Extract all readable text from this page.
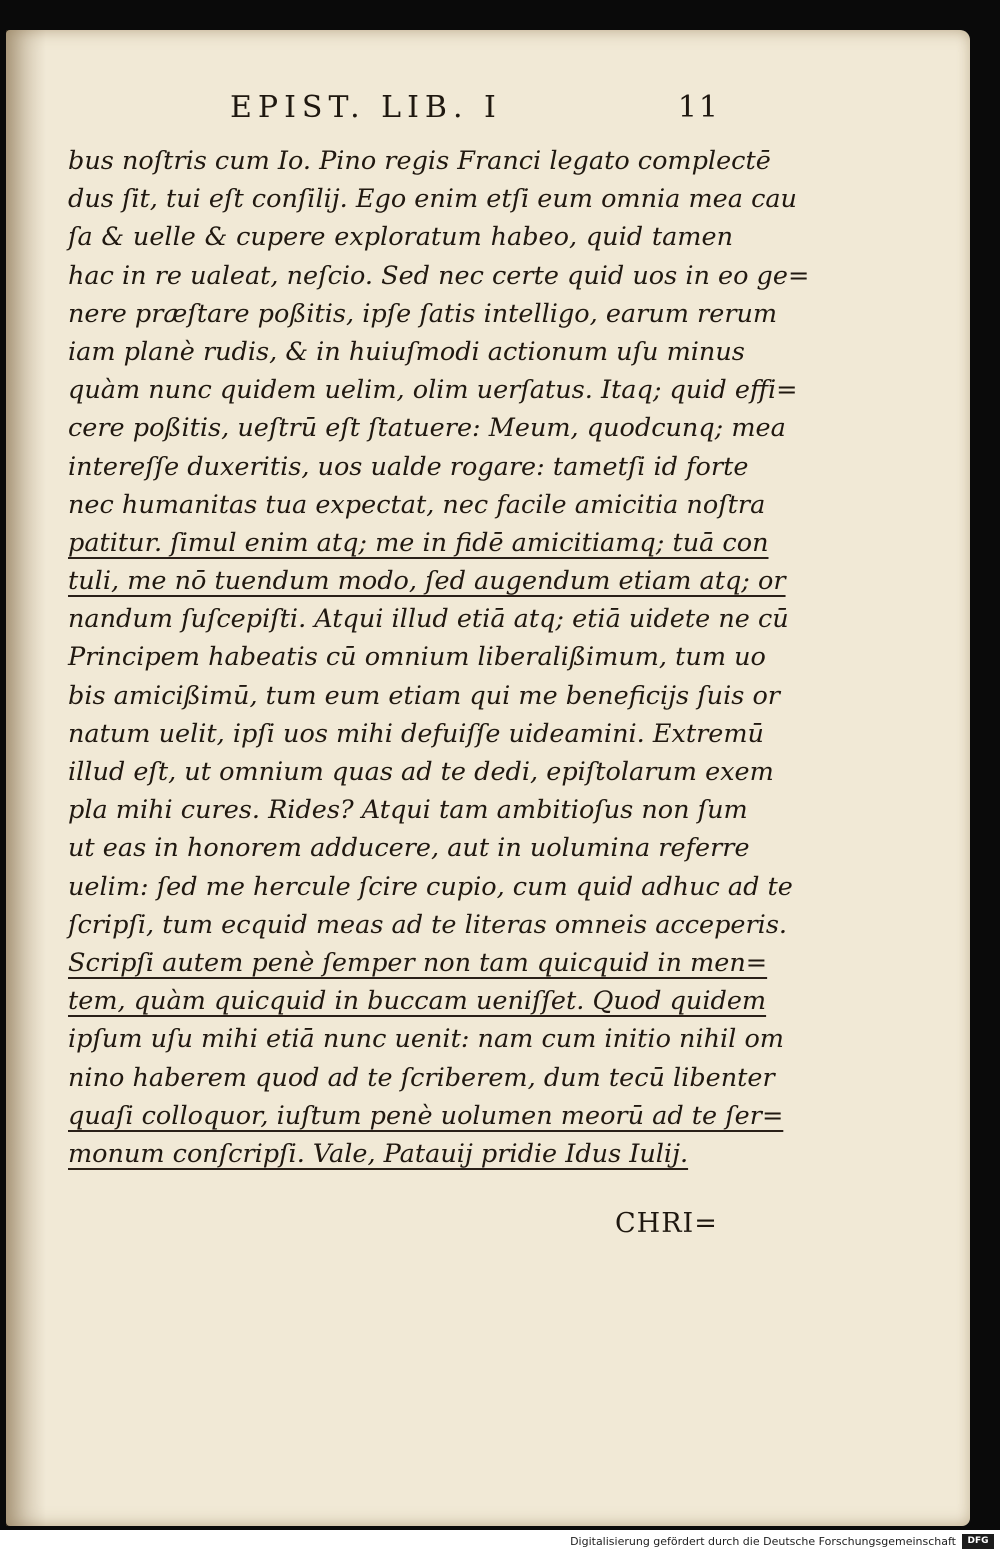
EPIST. LIB. I	11
bus noſtris cum Io. Pino regis Franci legato complectē
dus ſit, tui eſt conſilij. Ego enim etſi eum omnia mea cau
ſa & uelle & cupere exploratum habeo, quid tamen
hac in re ualeat, neſcio. Sed nec certe quid uos in eo ge=
nere præſtare poßitis, ipſe ſatis intelligo, earum rerum
iam planè rudis, & in huiuſmodi actionum uſu minus
quàm nunc quidem uelim, olim uerſatus. Itaq; quid effi=
cere poßitis, ueſtrū eſt ſtatuere: Meum, quodcunq; mea
intereſſe duxeritis, uos ualde rogare: tametſi id forte
nec humanitas tua expectat, nec facile amicitia noſtra
patitur. ſimul enim atq; me in fidē amicitiamq; tuā con
tuli, me nō tuendum modo, ſed augendum etiam atq; or
nandum ſuſcepiſti. Atqui illud etiā atq; etiā uidete ne cū
Principem habeatis cū omnium liberalißimum, tum uo
bis amicißimū, tum eum etiam qui me beneficijs ſuis or
natum uelit, ipſi uos mihi defuiſſe uideamini. Extremū
illud eſt, ut omnium quas ad te dedi, epiſtolarum exem
pla mihi cures. Rides? Atqui tam ambitioſus non ſum
ut eas in honorem adducere, aut in uolumina referre
uelim: ſed me hercule ſcire cupio, cum quid adhuc ad te
ſcripſi, tum ecquid meas ad te literas omneis acceperis.
Scripſi autem penè ſemper non tam quicquid in men=
tem, quàm quicquid in buccam ueniſſet. Quod quidem
ipſum uſu mihi etiā nunc uenit: nam cum initio nihil om
nino haberem quod ad te ſcriberem, dum tecū libenter
quaſi colloquor, iuſtum penè uolumen meorū ad te ſer=
monum conſcripſi. Vale, Patauij pridie Idus Iulij.
CHRI=
Digitalisierung gefördert durch die Deutsche Forschungsgemeinschaft	DFG
